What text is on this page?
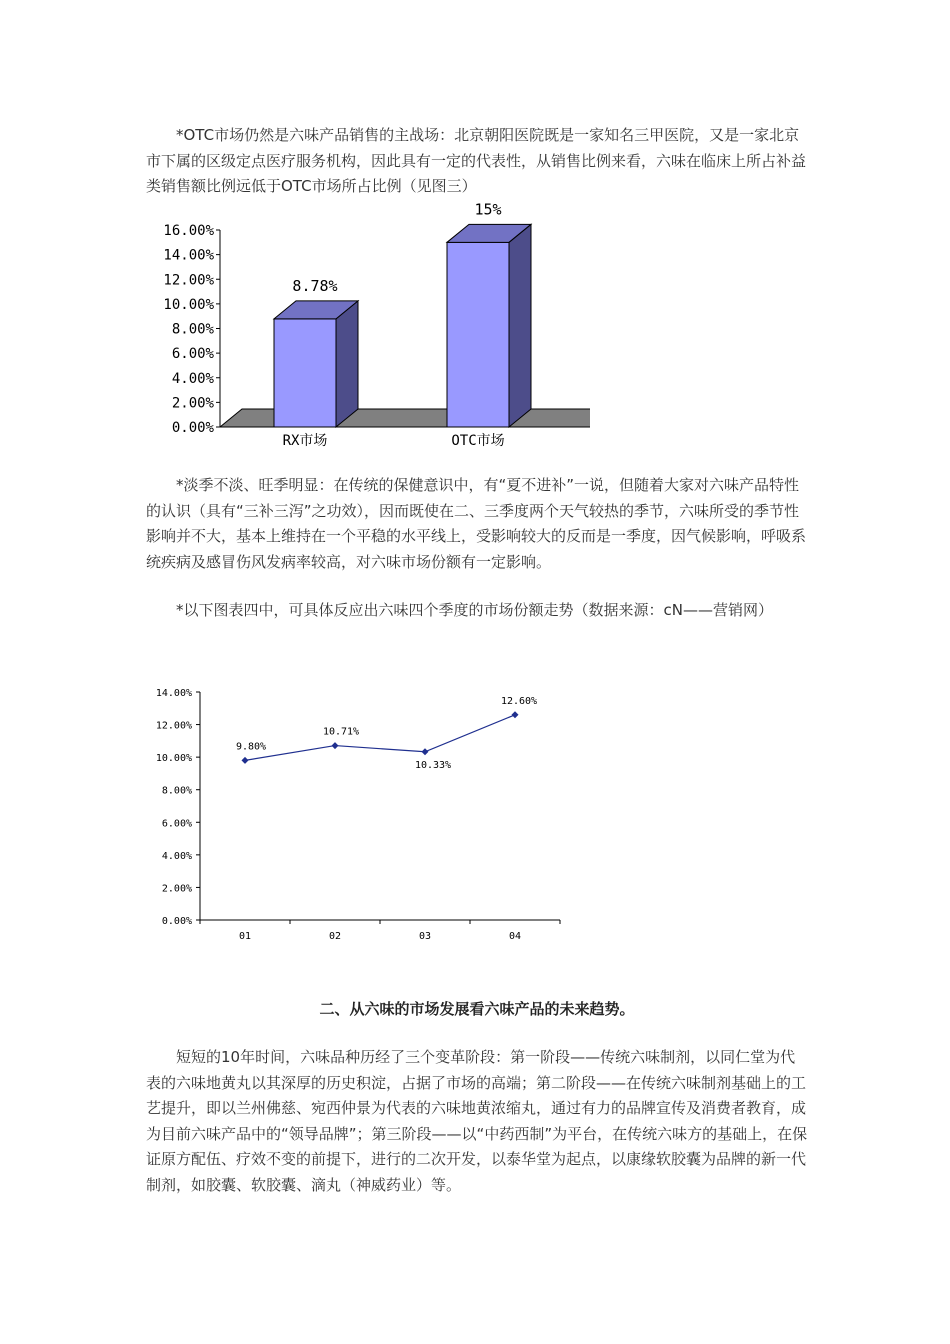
*OTC市场仍然是六味产品销售的主战场：北京朝阳医院既是一家知名三甲医院，又是一家北京市下属的区级定点医疗服务机构，因此具有一定的代表性，从销售比例来看，六味在临床上所占补益类销售额比例远低于OTC市场所占比例（见图三）

0.00%
2.00%
4.00%
6.00%
8.00%
10.00%
12.00%
14.00%
16.00%
RX市场	OTC市场
8.78%
15%

*淡季不淡、旺季明显：在传统的保健意识中，有“夏不进补”一说，但随着大家对六味产品特性的认识（具有“三补三泻”之功效），因而既使在二、三季度两个天气较热的季节，六味所受的季节性影响并不大，基本上维持在一个平稳的水平线上，受影响较大的反而是一季度，因气候影响，呼吸系统疾病及感冒伤风发病率较高，对六味市场份额有一定影响。

*以下图表四中，可具体反应出六味四个季度的市场份额走势（数据来源：cN——营销网）

0.00%
2.00%
4.00%
6.00%
8.00%
10.00%
12.00%
14.00%
01	02	03	04
9.80%
10.71%
10.33%
12.60%

二、从六味的市场发展看六味产品的未来趋势。

短短的10年时间，六味品种历经了三个变革阶段：第一阶段——传统六味制剂，以同仁堂为代表的六味地黄丸以其深厚的历史积淀，占据了市场的高端；第二阶段——在传统六味制剂基础上的工艺提升，即以兰州佛慈、宛西仲景为代表的六味地黄浓缩丸，通过有力的品牌宣传及消费者教育，成为目前六味产品中的“领导品牌”；第三阶段——以“中药西制”为平台，在传统六味方的基础上，在保证原方配伍、疗效不变的前提下，进行的二次开发，以泰华堂为起点，以康缘软胶囊为品牌的新一代制剂，如胶囊、软胶囊、滴丸（神威药业）等。
